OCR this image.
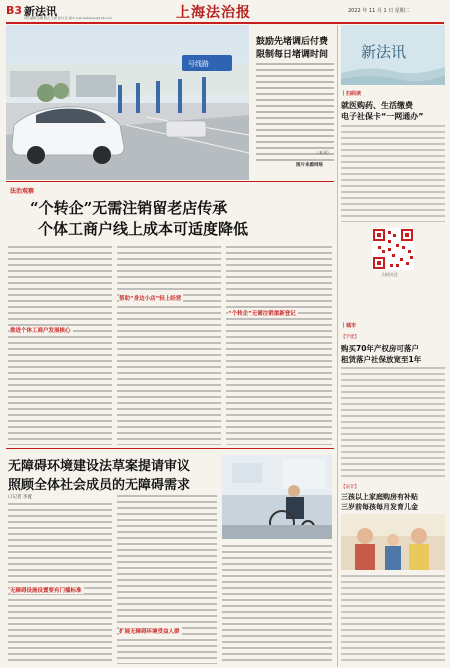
B3 新法讯
责任编辑 张馨 版式 王林 校对 张 倩 E-mail:fazhibao@126.com	上海法治报	2022 年 11 月 1 日 星期二
号线路
鼓励先堵调后付费
限制每日堵调时间
（本刊）
图片来源网络
新法讯
丨扫码读
就医购药、生活缴费
电子社保卡“一网通办”
扫码关注
丨城市
【学建】
购买70年产权房可落户
租赁落户社保放宽至1年
【南非】
三孩以上家庭购房有补贴
三岁前每孩每月发育儿金
法治观察
“个转企”无需注销留老店传承
个体工商户线上成本可适度降低
推进个体工商户发展核心
帮助“身边小店”轻上经营
“个转企”无需注销重新登记
无障碍环境建设法草案提请审议
照顾全体社会成员的无障碍需求
口记者 李置
无障碍设施设置要有门槛标准
扩展无障碍环境受益人群
